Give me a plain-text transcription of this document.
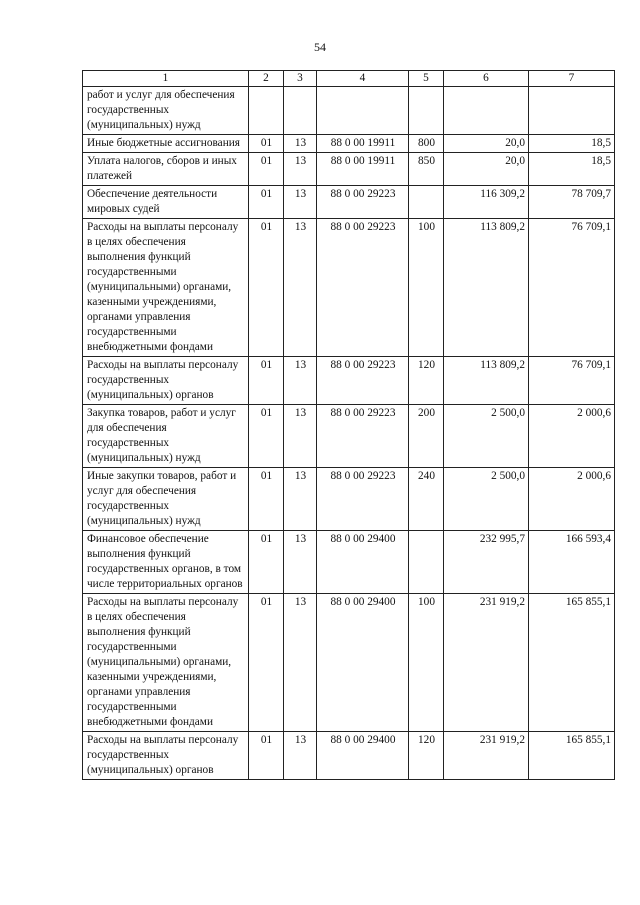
54
1	2	3	4	5	6	7
работ и услуг для обеспечения государственных (муниципальных) нужд						
Иные бюджетные ассигнования	01	13	88 0 00 19911	800	20,0	18,5
Уплата налогов, сборов и иных платежей	01	13	88 0 00 19911	850	20,0	18,5
Обеспечение деятельности мировых судей	01	13	88 0 00 29223		116 309,2	78 709,7
Расходы на выплаты персоналу в целях обеспечения выполнения функций государственными (муниципальными) органами, казенными учреждениями, органами управления государственными внебюджетными фондами	01	13	88 0 00 29223	100	113 809,2	76 709,1
Расходы на выплаты персоналу государственных (муниципальных) органов	01	13	88 0 00 29223	120	113 809,2	76 709,1
Закупка товаров, работ и услуг для обеспечения государственных (муниципальных) нужд	01	13	88 0 00 29223	200	2 500,0	2 000,6
Иные закупки товаров, работ и услуг для обеспечения государственных (муниципальных) нужд	01	13	88 0 00 29223	240	2 500,0	2 000,6
Финансовое обеспечение выполнения функций государственных органов, в том числе территориальных органов	01	13	88 0 00 29400		232 995,7	166 593,4
Расходы на выплаты персоналу в целях обеспечения выполнения функций государственными (муниципальными) органами, казенными учреждениями, органами управления государственными внебюджетными фондами	01	13	88 0 00 29400	100	231 919,2	165 855,1
Расходы на выплаты персоналу государственных (муниципальных) органов	01	13	88 0 00 29400	120	231 919,2	165 855,1
